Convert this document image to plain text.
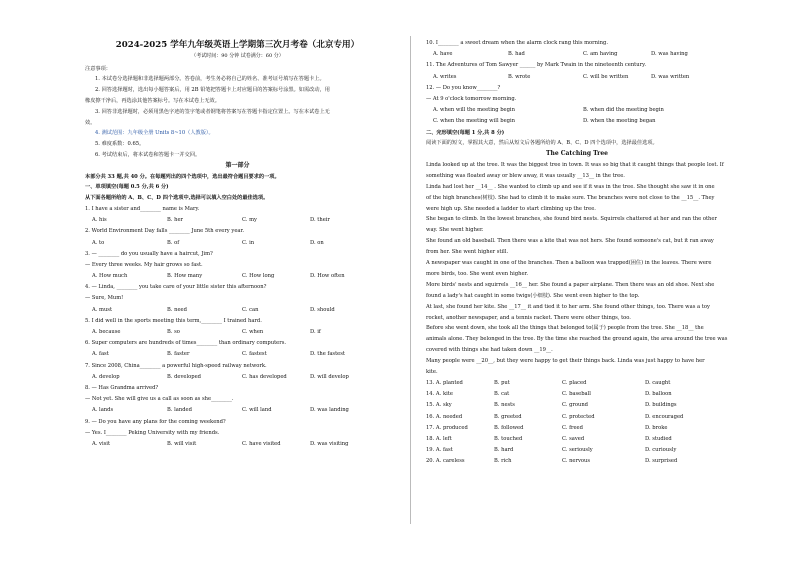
2024-2025 学年九年级英语上学期第三次月考卷（北京专用）
（考试时间：90 分钟 试卷满分：60 分）
注意事项：
1. 本试卷分选择题和非选择题两部分。答卷前，考生务必将自己的姓名、准考证号填写在答题卡上。
2. 回答选择题时，选出每小题答案后，用 2B 铅笔把答题卡上对应题目的答案标号涂黑。如需改动，用
橡皮擦干净后，再选涂其他答案标号。写在本试卷上无效。
3. 回答非选择题时，必须用黑色字迹的签字笔或者钢笔将答案写在答题卡指定位置上。写在本试卷上无
效。
4. 测试范围：九年级全册 Units 8~10（人教版）。
5. 难度系数：0.65。
6. 考试结束后，将本试卷和答题卡一并交回。
第一部分
本部分共 33 题,共 40 分。在每题列出的四个选项中，选出最符合题目要求的一项。
一、单项填空(每题 0.5 分,共 6 分)
从下面各题所给的 A、B、C、D 四个选项中,选择可以填入空白处的最佳选项。
1. I have a sister and________ name is Mary.
A. his	B. her	C. my	D. their
2. World Environment Day falls ________ June 5th every year.
A. to	B. of	C. in	D. on
3. — ________ do you usually have a haircut, Jim?
— Every three weeks. My hair grows so fast.
A. How much	B. How many	C. How long	D. How often
4. — Linda, ________ you take care of your little sister this afternoon?
— Sure, Mum!
A. must	B. need	C. can	D. should
5. I did well in the sports meeting this term,________ I trained hard.
A. because	B. so	C. when	D. if
6. Super computers are hundreds of times________ than ordinary computers.
A. fast	B. faster	C. fastest	D. the fastest
7. Since 2008, China________ a powerful high-speed railway network.
A. develop	B. developed	C. has developed	D. will develop
8. — Has Grandma arrived?
— Not yet. She will give us a call as soon as she________.
A. lands	B. landed	C. will land	D. was landing
9. — Do you have any plans for the coming weekend?
— Yes. I________ Peking University with my friends.
A. visit	B. will visit	C. have visited	D. was visiting
10. I________ a sweet dream when the alarm clock rang this morning.
A. have	B. had	C. am having	D. was having
11. The Adventures of Tom Sawyer ______ by Mark Twain in the nineteenth century.
A. writes	B. wrote	C. will be written	D. was written
12. — Do you know________?
— At 9 o'clock tomorrow morning.
A. when will the meeting begin	B. when did the meeting begin
C. when the meeting will begin	D. when the meeting began
二、完形填空(每题 1 分,共 8 分)
阅读下面的短文，掌握其大意，然后从短文后各题所给的 A、B、C、D 四个选项中，选择最佳选项。
The Catching Tree
Linda looked up at the tree. It was the biggest tree in town. It was so big that it caught things that people lost. If
something was floated away or blew away, it was usually __13__ in the tree.
Linda had lost her __14__ . She wanted to climb up and see if it was in the tree. She thought she saw it in one
of the high branches(树枝). She had to climb it to make sure. The branches were not close to the __15__. They
were high up. She needed a ladder to start climbing up the tree.
She began to climb. In the lowest branches, she found bird nests. Squirrels chattered at her and ran the other
way. She went higher.
She found an old baseball. Then there was a kite that was not hers. She found someone's cat, but it ran away
from her. She went higher still.
A newspaper was caught in one of the branches. Then a balloon was trapped(困住) in the leaves. There were
more birds, too. She went even higher.
More birds' nests and squirrels __16__ her. She found a paper airplane. Then there was an old shoe. Next she
found a lady's hat caught in some twigs(小细枝). She went even higher to the top.
At last, she found her kite. She __17__ it and tied it to her arm. She found other things, too. There was a toy
rocket, another newspaper, and a tennis racket. There were other things, too.
Before she went down, she took all the things that belonged to(属于) people from the tree. She __18__ the
animals alone. They belonged in the tree. By the time she reached the ground again, the area around the tree was
covered with things she had taken down __19__.
Many people were __20__, but they were happy to get their things back. Linda was just happy to have her
kite.
13. A. planted	B. put	C. placed	D. caught
14. A. kite	B. cat	C. baseball	D. balloon
15. A. sky	B. nests	C. ground	D. buildings
16. A. needed	B. greeted	C. protected	D. encouraged
17. A. produced	B. followed	C. freed	D. broke
18. A. left	B. touched	C. saved	D. studied
19. A. fast	B. hard	C. seriously	D. curiously
20. A. careless	B. rich	C. nervous	D. surprised
